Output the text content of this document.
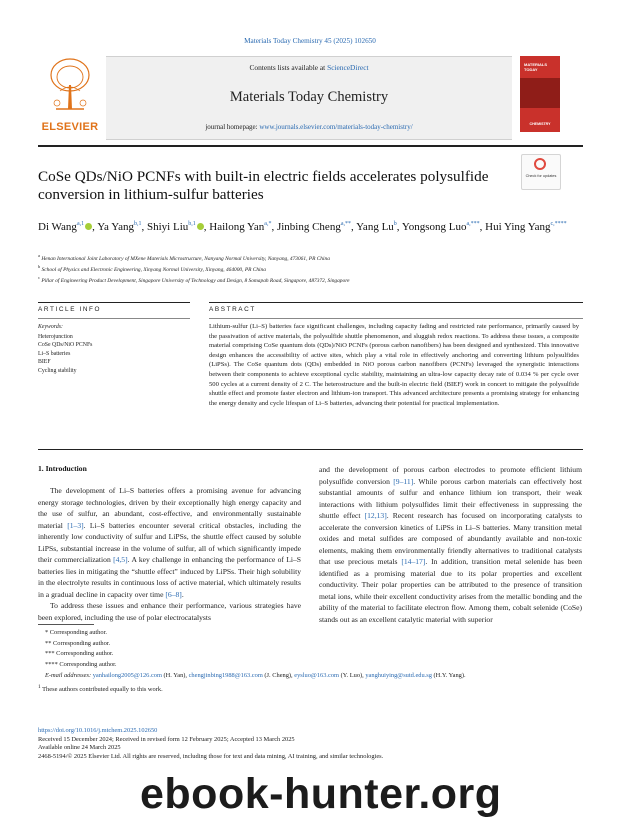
Materials Today Chemistry 45 (2025) 102650
ELSEVIER
Contents lists available at ScienceDirect
Materials Today Chemistry
journal homepage: www.journals.elsevier.com/materials-today-chemistry/
MATERIALS TODAY
CHEMISTRY
CoSe QDs/NiO PCNFs with built-in electric fields accelerates polysulfide conversion in lithium-sulfur batteries
Check for updates
Di Wang$^{a,1}$ , Ya Yang$^{b,1}$, Shiyi Liu$^{b,1}$ , Hailong Yan$^{a,*}$, Jinbing Cheng$^{a,**}$, Yang Lu$^b$, Yongsong Luo$^{a,***}$, Hui Ying Yang$^{c,****}$
$^a$ Henan International Joint Laboratory of MXene Materials Microstructure, Nanyang Normal University, Nanyang, 473061, PR China
$^b$ School of Physics and Electronic Engineering, Xinyang Normal University, Xinyang, 464000, PR China
$^c$ Pillar of Engineering Product Development, Singapore University of Technology and Design, 8 Somapah Road, Singapore, 487372, Singapore
ARTICLE INFO	ABSTRACT
Keywords:
Heterojunction
CoSe QDs/NiO PCNFs
Li–S batteries
BIEF
Cycling stability
Lithium-sulfur (Li–S) batteries face significant challenges, including capacity fading and restricted rate performance, primarily caused by the passivation of active materials, the polysulfide shuttle phenomenon, and sluggish redox reactions. To address these issues, a composite material comprising CoSe quantum dots (QDs)/NiO PCNFs (porous carbon nanofibers) has been designed and synthesized. This innovative design enhances the accessibility of active sites, which play a vital role in effectively anchoring and converting lithium polysulfides (LiPSs). The CoSe quantum dots (QDs) embedded in NiO porous carbon nanofibers (PCNFs) leveraged the synergistic interactions between their components to achieve exceptional cyclic stability, maintaining an ultra-low capacity decay rate of 0.034 % per cycle over 500 cycles at a current density of 2 C. The heterostructure and the built-in electric field (BIEF) work in concert to mitigate the polysulfide shuttle effect and promote faster electron and lithium-ion transport. This advanced architecture presents a promising strategy for enhancing the energy density and cycle lifespan of Li–S batteries, advancing their potential for practical implementation.
1. Introduction

The development of Li–S batteries offers a promising avenue for advancing energy storage technologies, driven by their exceptionally high energy capacity and the use of sulfur, an abundant, cost-effective, and environmentally sustainable material [1–3]. Li–S batteries encounter several critical obstacles, including the inherently low conductivity of sulfur and LiPSs, the shuttle effect caused by soluble LiPSs, substantial increase in the volume of sulfur, all of which significantly impede their commercialization [4,5]. A key challenge in enhancing the performance of Li–S batteries lies in mitigating the “shuttle effect” induced by LiPSs. Their high solubility in the electrolyte results in continuous loss of active material, which ultimately results in a gradual decline in capacity over time [6–8].

To address these issues and enhance their performance, various strategies have been explored, including the use of polar electrocatalysts

and the development of porous carbon electrodes to promote efficient lithium polysulfide conversion [9–11]. While porous carbon materials can effectively host substantial amounts of sulfur and enhance lithium ion transport, their weak interactions with lithium polysulfides limit their effectiveness in suppressing the shuttle effect [12,13]. Recent research has focused on incorporating catalysts to accelerate the conversion kinetics of LiPSs in Li–S batteries. Many transition metal oxides and metal sulfides are composed of abundantly available and non-toxic elements, making them environmentally friendly alternatives to traditional catalysts that use precious metals [14–17]. In addition, transition metal selenide has been identified as a promising material due to its polar properties and excellent conductivity. Their polar properties can be attributed to the presence of transition metal ions, while their excellent conductivity arises from the metallic bonding and the ability of the material to facilitate electron flow. Among them, cobalt selenide (CoSe) stands out as an excellent catalytic material with superior

* Corresponding author.
** Corresponding author.
*** Corresponding author.
**** Corresponding author.
E-mail addresses: yanhailong2005@126.com (H. Yan), chengjinbing1988@163.com (J. Cheng), eysluo@163.com (Y. Luo), yanghuiying@sutd.edu.sg (H.Y. Yang).
$^1$ These authors contributed equally to this work.
https://doi.org/10.1016/j.mtchem.2025.102650
Received 15 December 2024; Received in revised form 12 February 2025; Accepted 13 March 2025
Available online 24 March 2025
2468-5194/© 2025 Elsevier Ltd. All rights are reserved, including those for text and data mining, AI training, and similar technologies.
ebook-hunter.org
